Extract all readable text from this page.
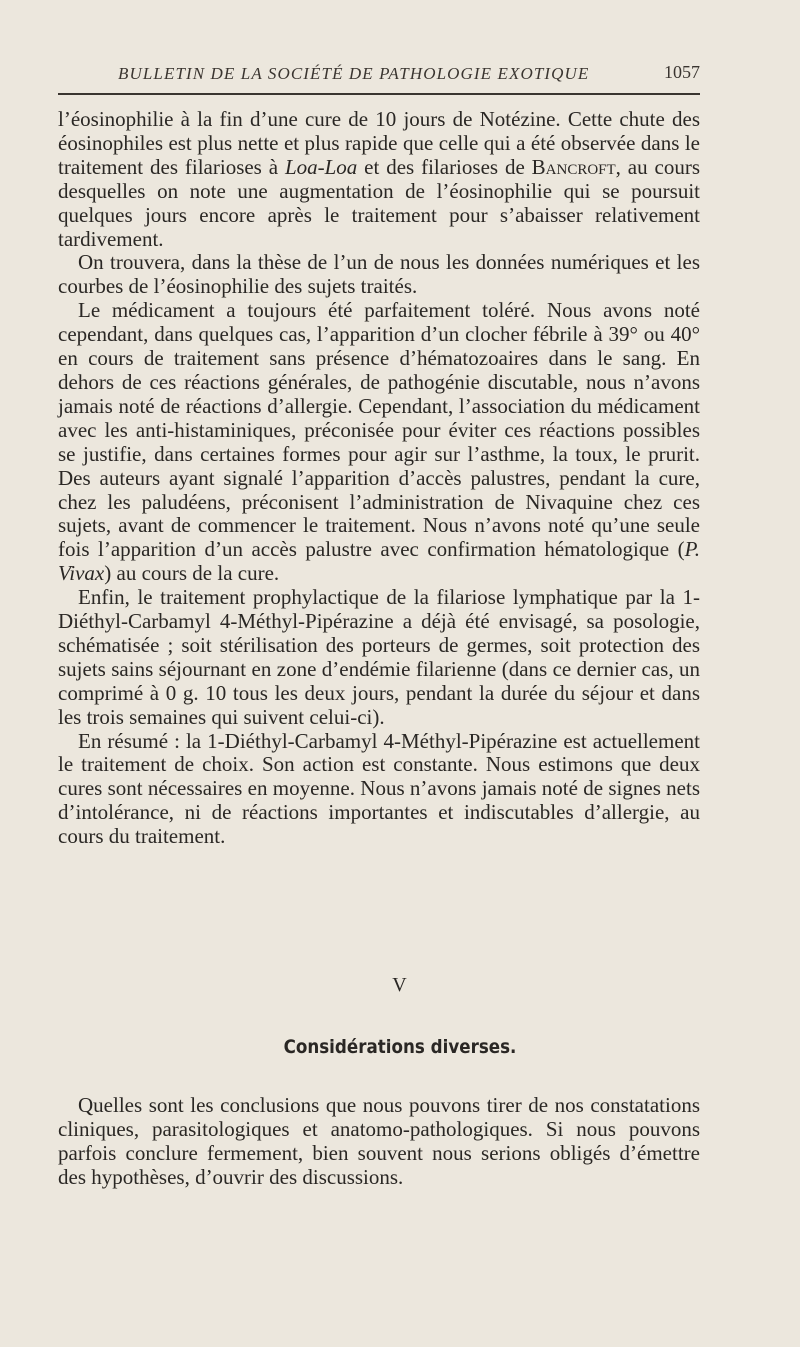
BULLETIN DE LA SOCIÉTÉ DE PATHOLOGIE EXOTIQUE	1057

l’éosinophilie à la fin d’une cure de 10 jours de Notézine. Cette chute des éosinophiles est plus nette et plus rapide que celle qui a été observée dans le traitement des filarioses à Loa-Loa et des filarioses de Bancroft, au cours desquelles on note une augmentation de l’éosinophilie qui se poursuit quelques jours encore après le traitement pour s’abaisser relativement tardivement.

On trouvera, dans la thèse de l’un de nous les données numériques et les courbes de l’éosinophilie des sujets traités.

Le médicament a toujours été parfaitement toléré. Nous avons noté cependant, dans quelques cas, l’apparition d’un clocher fébrile à 39° ou 40° en cours de traitement sans présence d’hématozoaires dans le sang. En dehors de ces réactions générales, de pathogénie discutable, nous n’avons jamais noté de réactions d’allergie. Cependant, l’association du médicament avec les anti-histaminiques, préconisée pour éviter ces réactions possibles se justifie, dans certaines formes pour agir sur l’asthme, la toux, le prurit. Des auteurs ayant signalé l’apparition d’accès palustres, pendant la cure, chez les paludéens, préconisent l’administration de Nivaquine chez ces sujets, avant de commencer le traitement. Nous n’avons noté qu’une seule fois l’apparition d’un accès palustre avec confirmation hématologique (P. Vivax) au cours de la cure.

Enfin, le traitement prophylactique de la filariose lymphatique par la 1-Diéthyl-Carbamyl 4-Méthyl-Pipérazine a déjà été envisagé, sa posologie, schématisée ; soit stérilisation des porteurs de germes, soit protection des sujets sains séjournant en zone d’endémie filarienne (dans ce dernier cas, un comprimé à 0 g. 10 tous les deux jours, pendant la durée du séjour et dans les trois semaines qui suivent celui-ci).

En résumé : la 1-Diéthyl-Carbamyl 4-Méthyl-Pipérazine est actuellement le traitement de choix. Son action est constante. Nous estimons que deux cures sont nécessaires en moyenne. Nous n’avons jamais noté de signes nets d’intolérance, ni de réactions importantes et indiscutables d’allergie, au cours du traitement.

V
Considérations diverses.

Quelles sont les conclusions que nous pouvons tirer de nos constatations cliniques, parasitologiques et anatomo-pathologiques. Si nous pouvons parfois conclure fermement, bien souvent nous serions obligés d’émettre des hypothèses, d’ouvrir des discussions.
